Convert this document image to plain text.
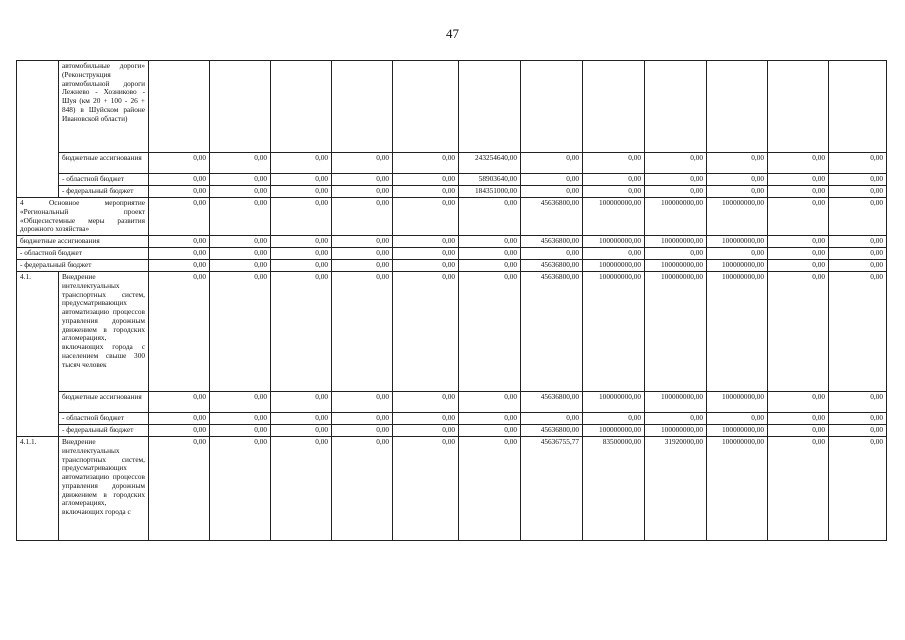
47
	автомобильные дороги» (Реконструкция автомобильной дороги Лежнево - Хозниково - Шуя (км 20 + 100 - 26 + 848) в Шуйском районе Ивановской области)												
	бюджетные ассигнования	0,00	0,00	0,00	0,00	0,00	243254640,00	0,00	0,00	0,00	0,00	0,00	0,00
	- областной бюджет	0,00	0,00	0,00	0,00	0,00	58903640,00	0,00	0,00	0,00	0,00	0,00	0,00
	- федеральный бюджет	0,00	0,00	0,00	0,00	0,00	184351000,00	0,00	0,00	0,00	0,00	0,00	0,00
4 Основное мероприятие «Региональный проект «Общесистемные меры развития дорожного хозяйства»		0,00	0,00	0,00	0,00	0,00	0,00	45636800,00	100000000,00	100000000,00	100000000,00	0,00	0,00
бюджетные ассигнования		0,00	0,00	0,00	0,00	0,00	0,00	45636800,00	100000000,00	100000000,00	100000000,00	0,00	0,00
- областной бюджет		0,00	0,00	0,00	0,00	0,00	0,00	0,00	0,00	0,00	0,00	0,00	0,00
- федеральный бюджет		0,00	0,00	0,00	0,00	0,00	0,00	45636800,00	100000000,00	100000000,00	100000000,00	0,00	0,00
4.1.	Внедрение интеллектуальных транспортных систем, предусматривающих автоматизацию процессов управления дорожным движением в городских агломерациях, включающих города с населением свыше 300 тысяч человек	0,00	0,00	0,00	0,00	0,00	0,00	45636800,00	100000000,00	100000000,00	100000000,00	0,00	0,00
	бюджетные ассигнования	0,00	0,00	0,00	0,00	0,00	0,00	45636800,00	100000000,00	100000000,00	100000000,00	0,00	0,00
	- областной бюджет	0,00	0,00	0,00	0,00	0,00	0,00	0,00	0,00	0,00	0,00	0,00	0,00
	- федеральный бюджет	0,00	0,00	0,00	0,00	0,00	0,00	45636800,00	100000000,00	100000000,00	100000000,00	0,00	0,00
4.1.1.	Внедрение интеллектуальных транспортных систем, предусматривающих автоматизацию процессов управления дорожным движением в городских агломерациях, включающих города с	0,00	0,00	0,00	0,00	0,00	0,00	45636755,77	83500000,00	31920000,00	100000000,00	0,00	0,00
